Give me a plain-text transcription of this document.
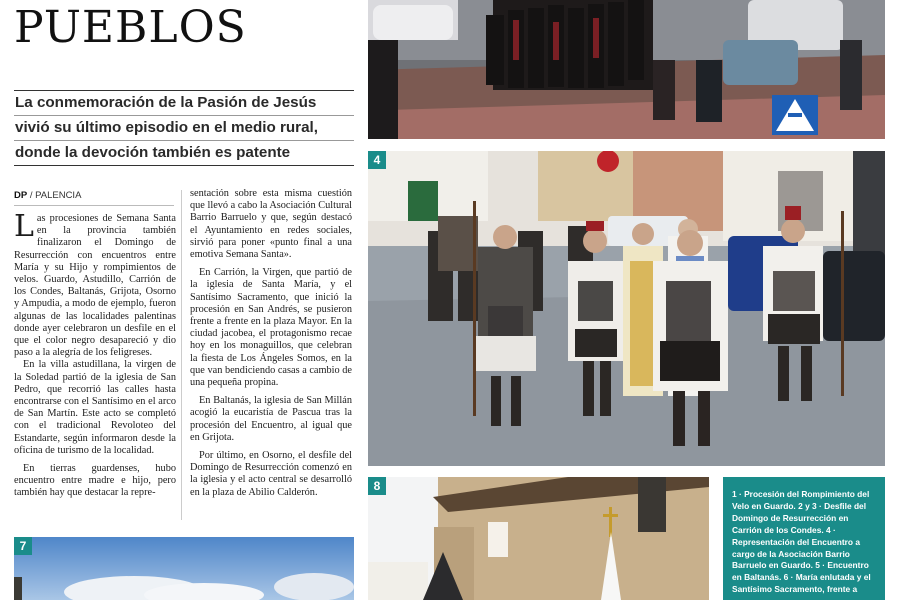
PUEBLOS
La conmemoración de la Pasión de Jesús
vivió su último episodio en el medio rural,
donde la devoción también es patente
DP / PALENCIA

Las procesiones de Semana Santa en la provincia también finalizaron el Domingo de Resurrección con encuentros entre María y su Hijo y rompimientos de velos. Guardo, Astudillo, Carrión de los Condes, Baltanás, Grijota, Osorno y Ampudia, a modo de ejemplo, fueron algunas de las localidades palentinas donde ayer celebraron un desfile en el que el color negro desapareció y dio paso a la alegría de los feligreses.

En la villa astudillana, la virgen de la Soledad partió de la iglesia de San Pedro, que recorrió las calles hasta encontrarse con el Santísimo en el arco de San Martín. Este acto se completó con el tradicional Revoloteo del Estandarte, según informaron desde la oficina de turismo de la localidad.

En tierras guardenses, hubo encuentro entre madre e hijo, pero también hay que destacar la repre-

sentación sobre esta misma cuestión que llevó a cabo la Asociación Cultural Barrio Barruelo y que, según destacó el Ayuntamiento en redes sociales, sirvió para poner «punto final a una emotiva Semana Santa».

En Carrión, la Virgen, que partió de la iglesia de Santa María, y el Santísimo Sacramento, que inició la procesión en San Andrés, se pusieron frente a frente en la plaza Mayor. En la ciudad jacobea, el protagonismo recae hoy en los monaguillos, que celebran la fiesta de Los Ángeles Somos, en la que van bendiciendo casas a cambio de una pequeña propina.

En Baltanás, la iglesia de San Millán acogió la eucaristía de Pascua tras la procesión del Encuentro, al igual que en Grijota.

Por último, en Osorno, el desfile del Domingo de Resurrección comenzó en la iglesia y el acto central se desarrolló en la plaza de Abilio Calderón.

4
7
8
1 · Procesión del Rompimiento del Velo en Guardo. 2 y 3 · Desfile del Domingo de Resurrección en Carrión de los Condes. 4 · Representación del Encuentro a cargo de la Asociación Barrio Barruelo en Guardo. 5 · Encuentro en Baltanás. 6 · María enlutada y el Santísimo Sacramento, frente a
